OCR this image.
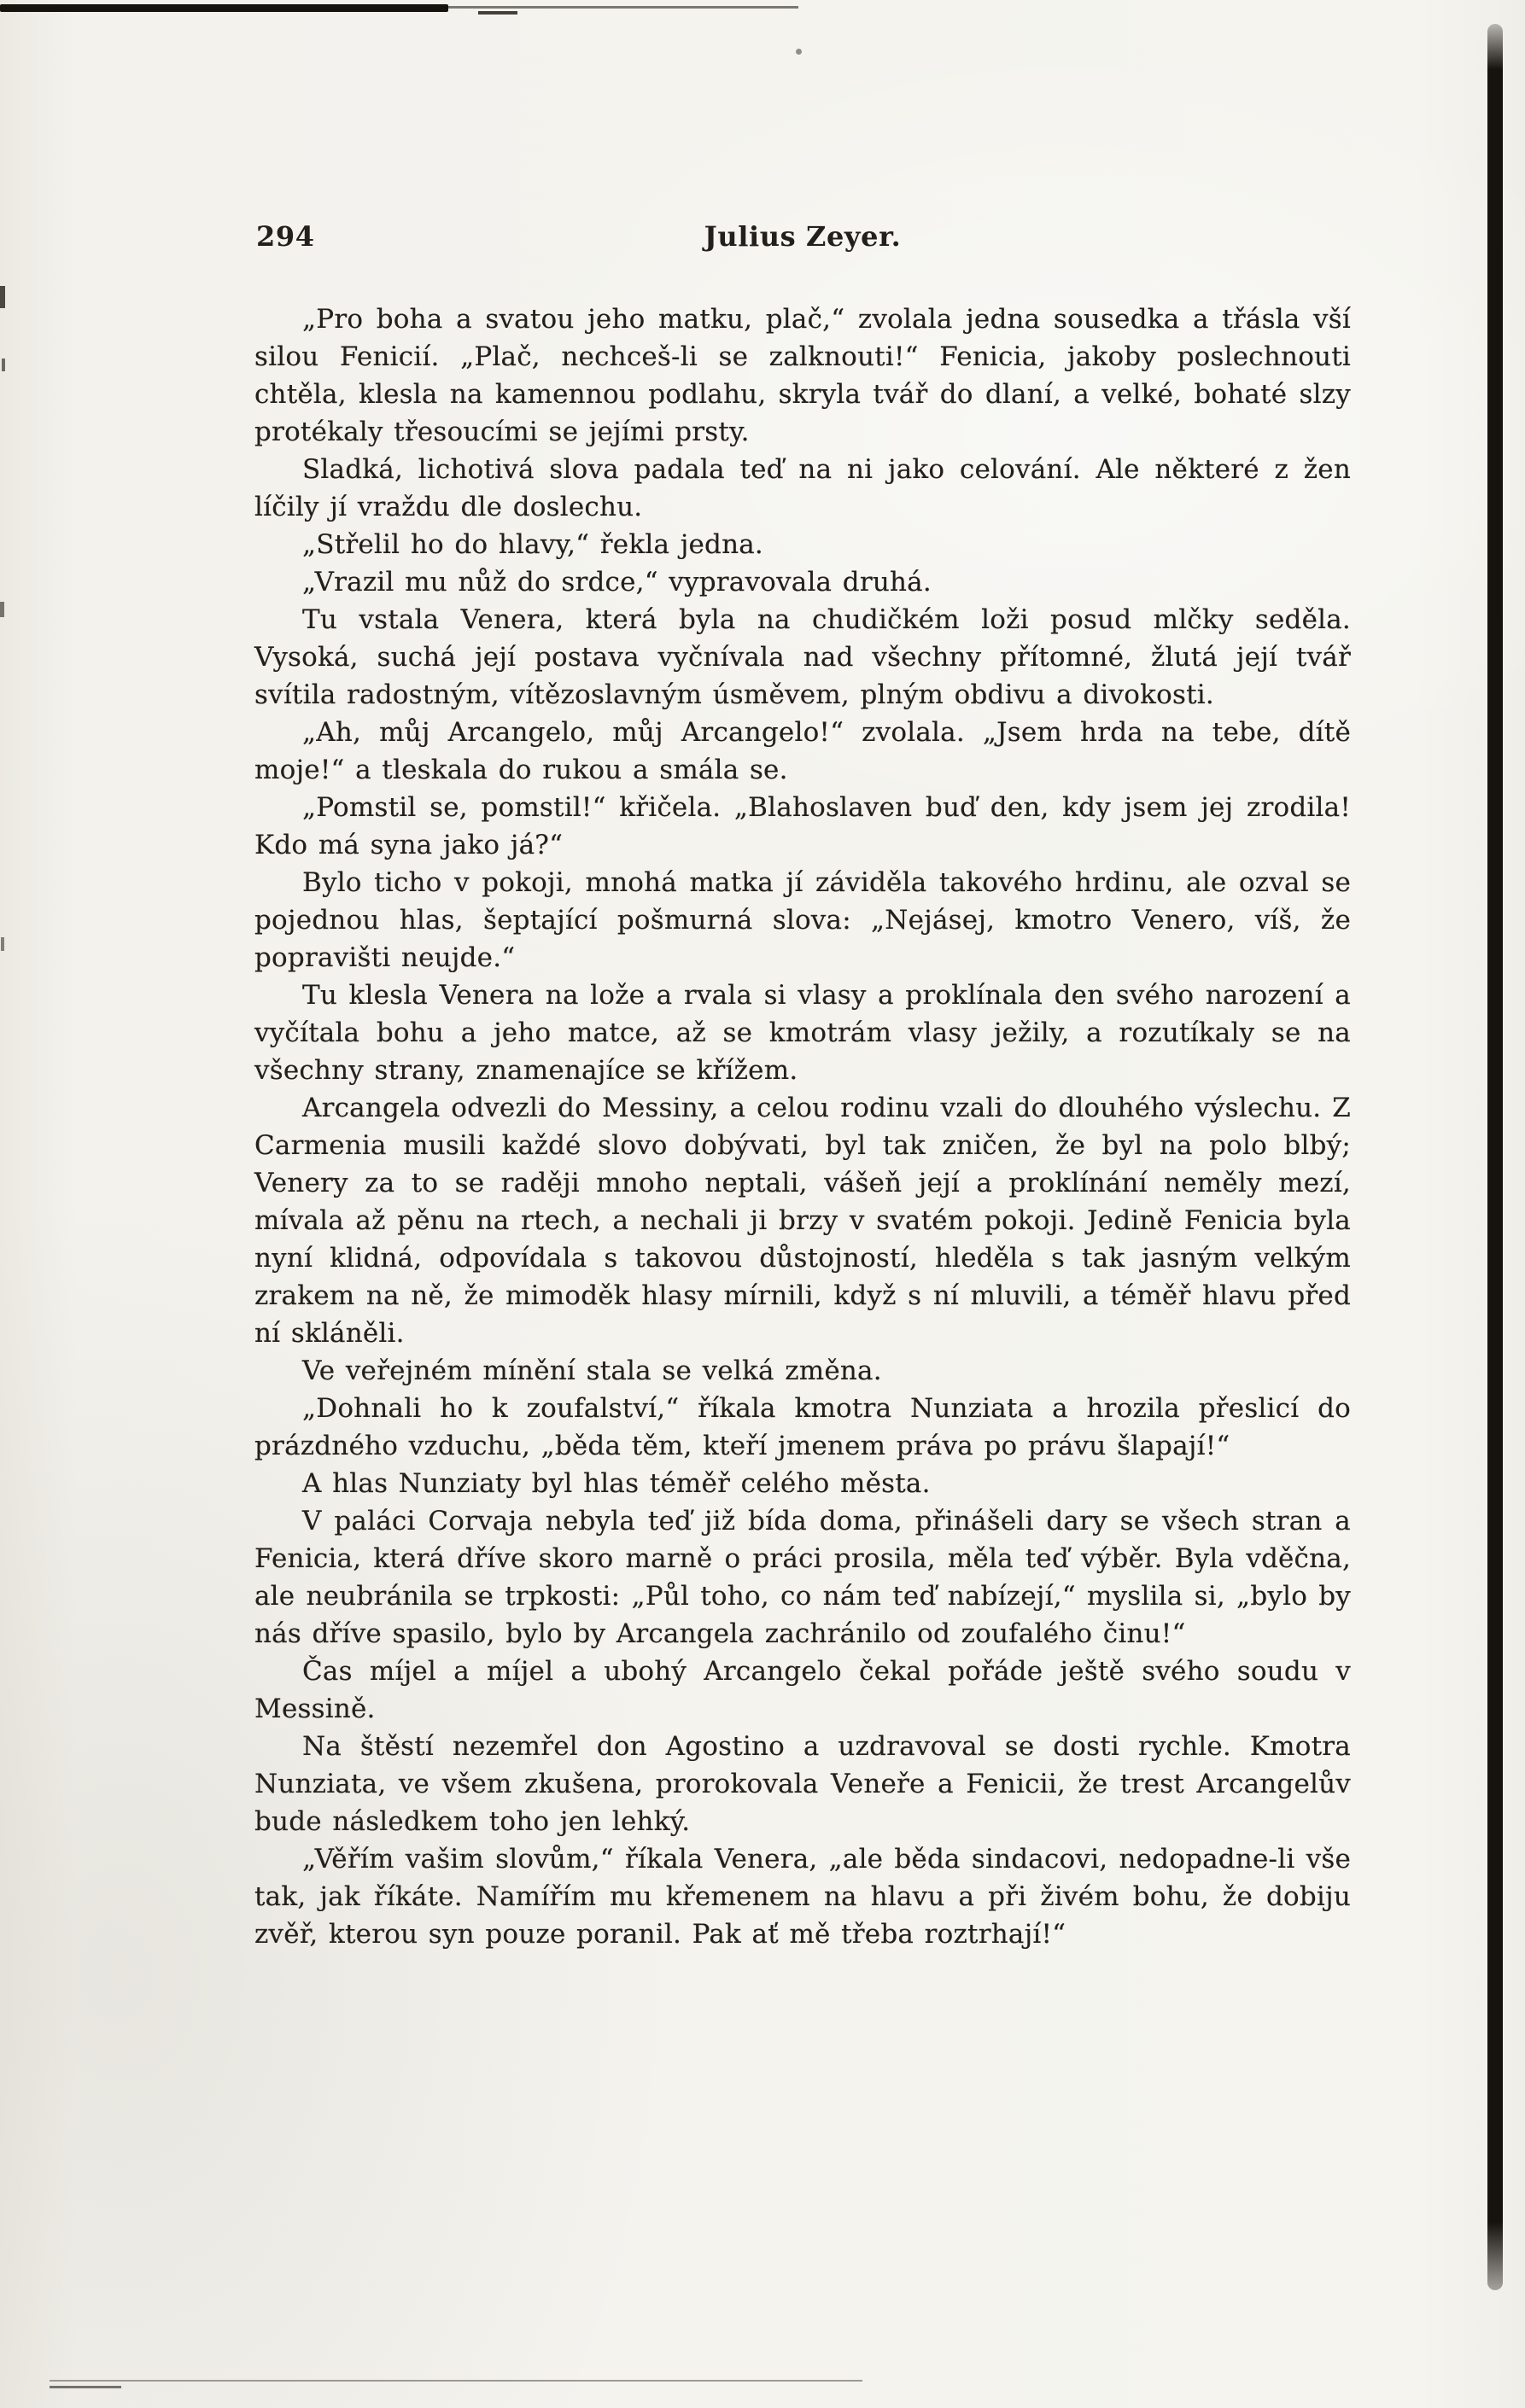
294	Julius Zeyer.

„Pro boha a svatou jeho matku, plač,“ zvolala jedna sousedka a třásla vší silou Fenicií. „Plač, nechceš-li se zalknouti!“ Fenicia, jakoby poslechnouti chtěla, klesla na kamennou podlahu, skryla tvář do dlaní, a velké, bohaté slzy protékaly třesoucími se jejími prsty.

Sladká, lichotivá slova padala teď na ni jako celování. Ale některé z žen líčily jí vraždu dle doslechu.

„Střelil ho do hlavy,“ řekla jedna.

„Vrazil mu nůž do srdce,“ vypravovala druhá.

Tu vstala Venera, která byla na chudičkém loži posud mlčky seděla. Vysoká, suchá její postava vyčnívala nad všechny přítomné, žlutá její tvář svítila radostným, vítězoslavným úsměvem, plným obdivu a divokosti.

„Ah, můj Arcangelo, můj Arcangelo!“ zvolala. „Jsem hrda na tebe, dítě moje!“ a tleskala do rukou a smála se.

„Pomstil se, pomstil!“ křičela. „Blahoslaven buď den, kdy jsem jej zrodila! Kdo má syna jako já?“

Bylo ticho v pokoji, mnohá matka jí záviděla takového hrdinu, ale ozval se pojednou hlas, šeptající pošmurná slova: „Nejásej, kmotro Venero, víš, že popravišti neujde.“

Tu klesla Venera na lože a rvala si vlasy a proklínala den svého narození a vyčítala bohu a jeho matce, až se kmotrám vlasy ježily, a rozutíkaly se na všechny strany, znamenajíce se křížem.

Arcangela odvezli do Messiny, a celou rodinu vzali do dlouhého výslechu. Z Carmenia musili každé slovo dobývati, byl tak zničen, že byl na polo blbý; Venery za to se raději mnoho neptali, vášeň její a proklínání neměly mezí, mívala až pěnu na rtech, a nechali ji brzy v svatém pokoji. Jedině Fenicia byla nyní klidná, odpovídala s takovou důstojností, hleděla s tak jasným velkým zrakem na ně, že mimoděk hlasy mírnili, když s ní mluvili, a téměř hlavu před ní skláněli.

Ve veřejném mínění stala se velká změna.

„Dohnali ho k zoufalství,“ říkala kmotra Nunziata a hrozila přeslicí do prázdného vzduchu, „běda těm, kteří jmenem práva po právu šlapají!“

A hlas Nunziaty byl hlas téměř celého města.

V paláci Corvaja nebyla teď již bída doma, přinášeli dary se všech stran a Fenicia, která dříve skoro marně o práci prosila, měla teď výběr. Byla vděčna, ale neubránila se trpkosti: „Půl toho, co nám teď nabízejí,“ myslila si, „bylo by nás dříve spasilo, bylo by Arcangela zachránilo od zoufalého činu!“

Čas míjel a míjel a ubohý Arcangelo čekal pořáde ještě svého soudu v Messině.

Na štěstí nezemřel don Agostino a uzdravoval se dosti rychle. Kmotra Nunziata, ve všem zkušena, prorokovala Veneře a Fenicii, že trest Arcangelův bude následkem toho jen lehký.

„Věřím vašim slovům,“ říkala Venera, „ale běda sindacovi, nedopadne-li vše tak, jak říkáte. Namířím mu křemenem na hlavu a při živém bohu, že dobiju zvěř, kterou syn pouze poranil. Pak ať mě třeba roztrhají!“
